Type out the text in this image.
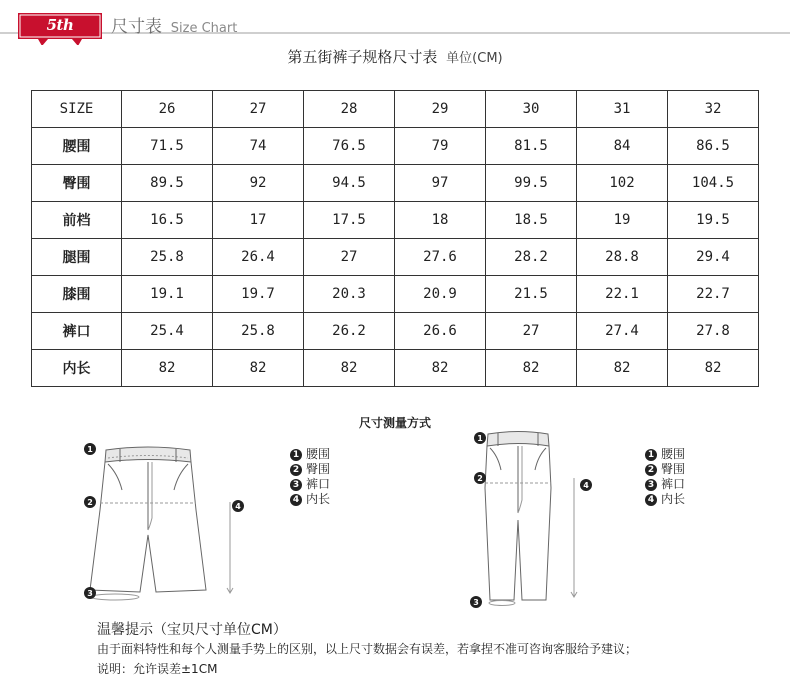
5th STREET
尺寸表 Size Chart
第五街裤子规格尺寸表 单位(CM)
SIZE	26	27	28	29	30	31	32
腰围	71.5	74	76.5	79	81.5	84	86.5
臀围	89.5	92	94.5	97	99.5	102	104.5
前档	16.5	17	17.5	18	18.5	19	19.5
腿围	25.8	26.4	27	27.6	28.2	28.8	29.4
膝围	19.1	19.7	20.3	20.9	21.5	22.1	22.7
裤口	25.4	25.8	26.2	26.6	27	27.4	27.8
内长	82	82	82	82	82	82	82
尺寸测量方式
1
2
3
4
1 腰围
2 臀围
3 裤口
4 内长
1
2
3
4
1 腰围
2 臀围
3 裤口
4 内长
温馨提示（宝贝尺寸单位CM）
由于面料特性和每个人测量手势上的区别，以上尺寸数据会有误差，若拿捏不准可咨询客服给予建议；
说明：允许误差±1CM
